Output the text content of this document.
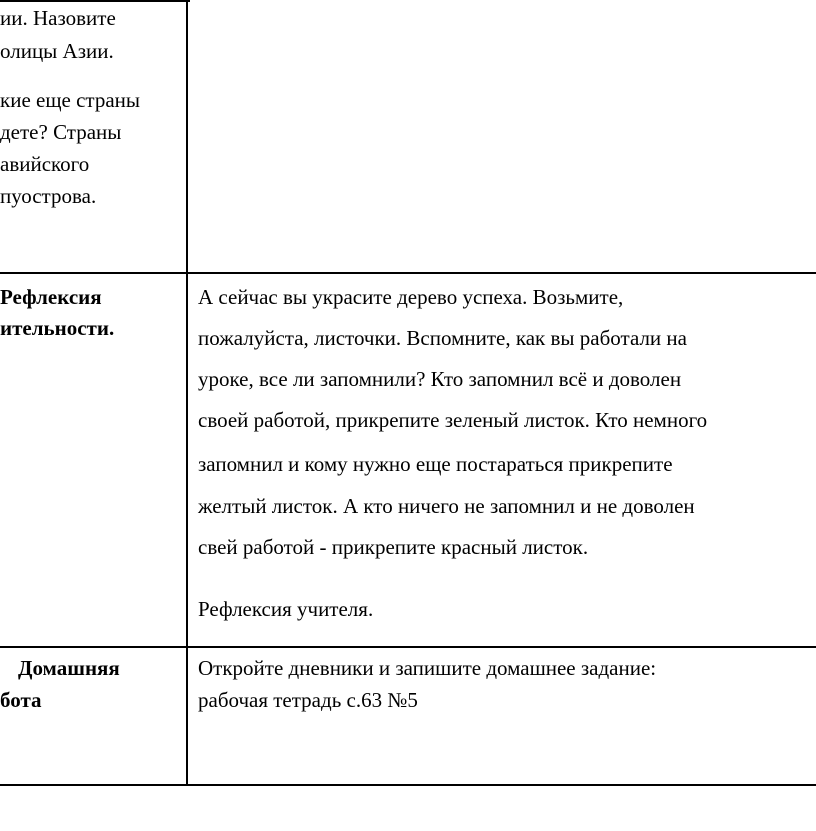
ии. Назовите
олицы Азии.
кие еще страны
дете? Страны
авийского
пуострова.
Рефлексия
ительности.
А сейчас вы украсите дерево успеха. Возьмите,
пожалуйста, листочки. Вспомните, как вы работали на
уроке, все ли запомнили? Кто запомнил всё и доволен
своей работой, прикрепите зеленый листок. Кто немного
запомнил и кому нужно еще постараться прикрепите
желтый листок. А кто ничего не запомнил и не доволен
свей работой - прикрепите красный листок.
Рефлексия учителя.
Домашняя
бота
Откройте дневники и запишите домашнее задание:
рабочая тетрадь с.63 №5
